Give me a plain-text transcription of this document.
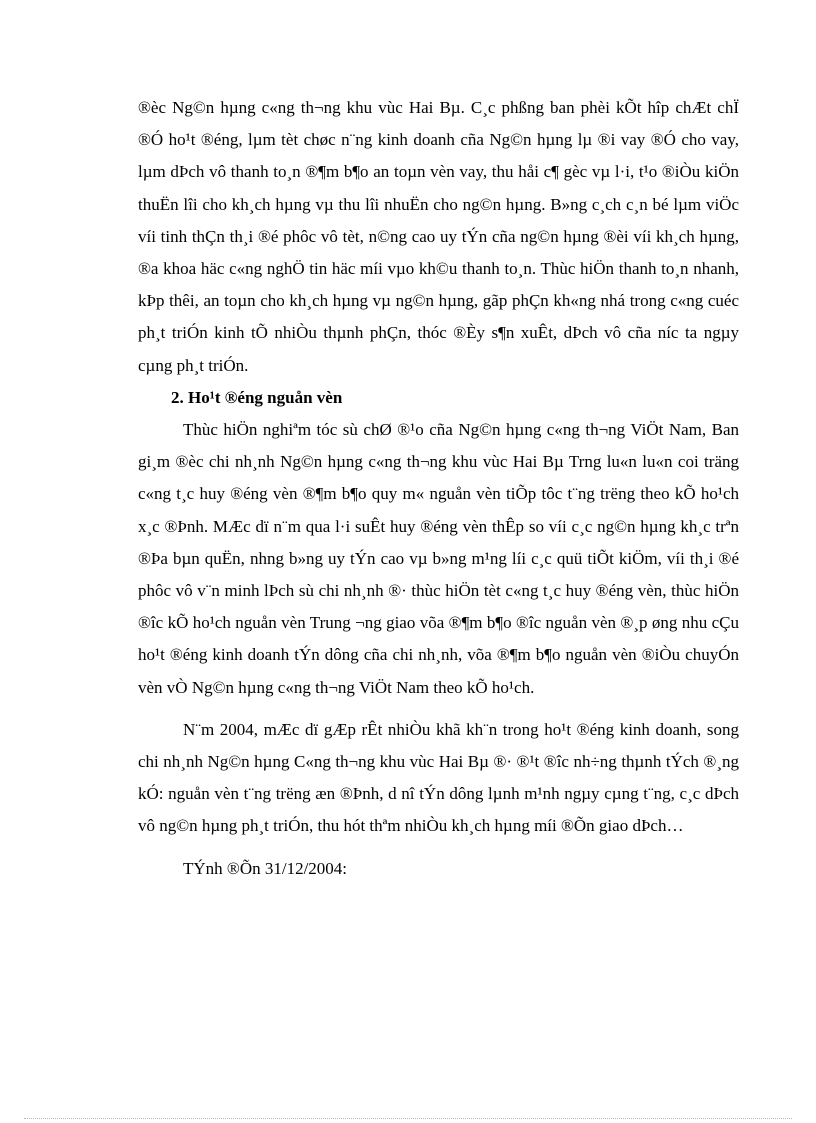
®èc Ng©n hµng c«ng th¬ng khu vùc Hai Bµ. C¸c phßng ban phèi kÕt hîp chÆt chÏ ®Ó ho¹t ®éng, lµm tèt chøc n¨ng kinh doanh cña Ng©n hµng lµ ®i vay ®Ó cho vay, lµm dÞch vô thanh to¸n ®¶m b¶o an toµn vèn vay, thu håi c¶ gèc vµ l·i, t¹o ®iÒu kiÖn thuËn lîi cho kh¸ch hµng vµ thu lîi nhuËn cho ng©n hµng. B»ng c¸ch c¸n bé lµm viÖc víi tinh thÇn th¸i ®é phôc vô tèt, n©ng cao uy tÝn cña ng©n hµng ®èi víi kh¸ch hµng, ®a khoa häc c«ng nghÖ tin häc míi vµo kh©u thanh to¸n. Thùc hiÖn thanh to¸n nhanh, kÞp thêi, an toµn cho kh¸ch hµng vµ ng©n hµng, gãp phÇn kh«ng nhá trong c«ng cuéc ph¸t triÓn kinh tÕ nhiÒu thµnh phÇn, thóc ®Èy s¶n xuÊt, dÞch vô cña níc ta ngµy cµng ph¸t triÓn.

2. Ho¹t ®éng nguån vèn

Thùc hiÖn nghiªm tóc sù chØ ®¹o cña Ng©n hµng c«ng th¬ng ViÖt Nam, Ban gi¸m ®èc chi nh¸nh Ng©n hµng c«ng th¬ng khu vùc Hai Bµ Trng lu«n lu«n coi träng c«ng t¸c huy ®éng vèn ®¶m b¶o quy m« nguån vèn tiÕp tôc t¨ng trëng theo kÕ ho¹ch x¸c ®Þnh. MÆc dï n¨m qua l·i suÊt huy ®éng vèn thÊp so víi c¸c ng©n hµng kh¸c trªn ®Þa bµn quËn, nhng b»ng uy tÝn cao vµ b»ng m¹ng líi c¸c quü tiÕt kiÖm, víi th¸i ®é phôc vô v¨n minh lÞch sù chi nh¸nh ®· thùc hiÖn tèt c«ng t¸c huy ®éng vèn, thùc hiÖn ®îc kÕ ho¹ch nguån vèn Trung ¬ng giao võa ®¶m b¶o ®îc nguån vèn ®¸p øng nhu cÇu ho¹t ®éng kinh doanh tÝn dông cña chi nh¸nh, võa ®¶m b¶o nguån vèn ®iÒu chuyÓn vèn vÒ Ng©n hµng c«ng th¬ng ViÖt Nam theo kÕ ho¹ch.

N¨m 2004, mÆc dï gÆp rÊt nhiÒu khã kh¨n trong ho¹t ®éng kinh doanh, song chi nh¸nh Ng©n hµng C«ng th¬ng khu vùc Hai Bµ ®· ®¹t ®îc nh÷ng thµnh tÝch ®¸ng kÓ: nguån vèn t¨ng trëng æn ®Þnh, d nî tÝn dông lµnh m¹nh ngµy cµng t¨ng, c¸c dÞch vô ng©n hµng ph¸t triÓn, thu hót thªm nhiÒu kh¸ch hµng míi ®Õn giao dÞch…

TÝnh ®Õn 31/12/2004:
